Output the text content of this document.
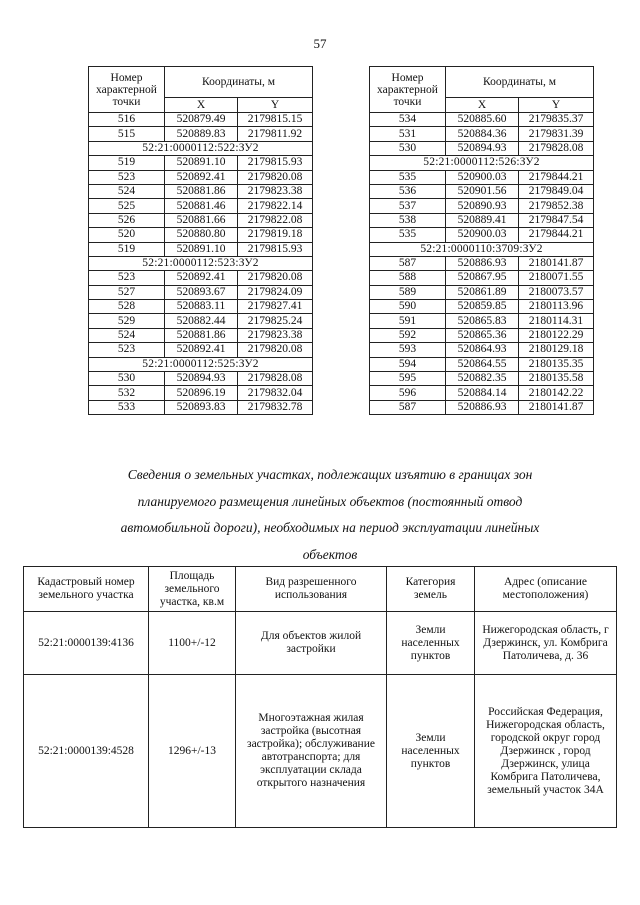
57
Номер характерной точки	Координаты, м	
	X	Y
516	520879.49	2179815.15
515	520889.83	2179811.92
52:21:0000112:522:ЗУ2		
519	520891.10	2179815.93
523	520892.41	2179820.08
524	520881.86	2179823.38
525	520881.46	2179822.14
526	520881.66	2179822.08
520	520880.80	2179819.18
519	520891.10	2179815.93
52:21:0000112:523:ЗУ2		
523	520892.41	2179820.08
527	520893.67	2179824.09
528	520883.11	2179827.41
529	520882.44	2179825.24
524	520881.86	2179823.38
523	520892.41	2179820.08
52:21:0000112:525:ЗУ2		
530	520894.93	2179828.08
532	520896.19	2179832.04
533	520893.83	2179832.78
Номер характерной точки	Координаты, м	
	X	Y
534	520885.60	2179835.37
531	520884.36	2179831.39
530	520894.93	2179828.08
52:21:0000112:526:ЗУ2		
535	520900.03	2179844.21
536	520901.56	2179849.04
537	520890.93	2179852.38
538	520889.41	2179847.54
535	520900.03	2179844.21
52:21:0000110:3709:ЗУ2		
587	520886.93	2180141.87
588	520867.95	2180071.55
589	520861.89	2180073.57
590	520859.85	2180113.96
591	520865.83	2180114.31
592	520865.36	2180122.29
593	520864.93	2180129.18
594	520864.55	2180135.35
595	520882.35	2180135.58
596	520884.14	2180142.22
587	520886.93	2180141.87
Сведения о земельных участках, подлежащих изъятию в границах зон
планируемого размещения линейных объектов (постоянный отвод
автомобильной дороги), необходимых на период эксплуатации линейных
объектов
Кадастровый номер земельного участка	Площадь земельного участка, кв.м	Вид разрешенного использования	Категория земель	Адрес (описание местоположения)
52:21:0000139:4136	1100+/-12	Для объектов жилой застройки	Земли населенных пунктов	Нижегородская область, г Дзержинск, ул. Комбрига Патоличева, д. 36
52:21:0000139:4528	1296+/-13	Многоэтажная жилая застройка (высотная застройка); обслуживание автотранспорта; для эксплуатации склада открытого назначения	Земли населенных пунктов	Российская Федерация, Нижегородская область, городской округ город Дзержинск , город Дзержинск, улица Комбрига Патоличева, земельный участок 34А
